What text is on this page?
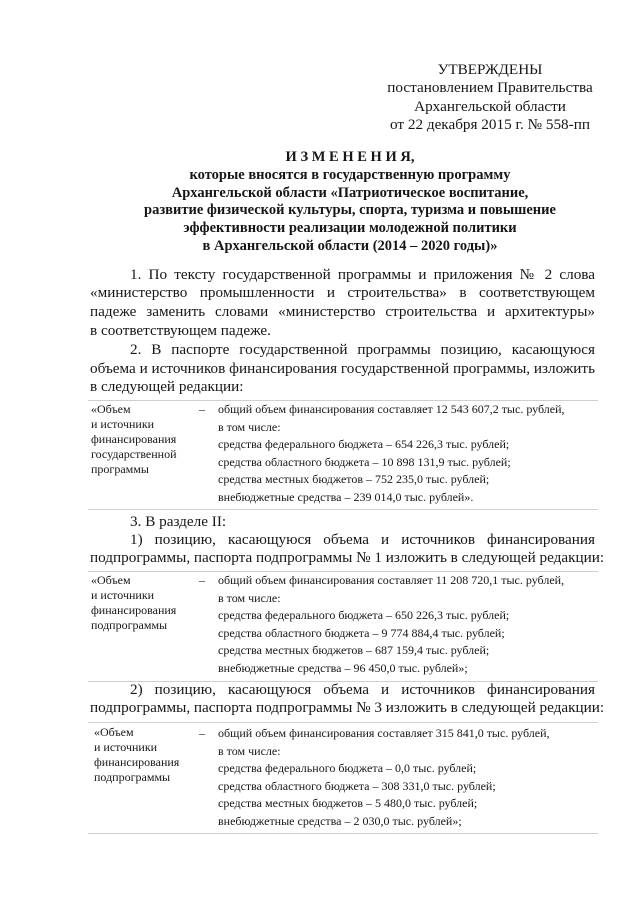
УТВЕРЖДЕНЫ
постановлением Правительства
Архангельской области
от 22 декабря 2015 г. № 558-пп
И З М Е Н Е Н И Я,
которые вносятся в государственную программу
Архангельской области «Патриотическое воспитание,
развитие физической культуры, спорта, туризма и повышение
эффективности реализации молодежной политики
в Архангельской области (2014 – 2020 годы)»
1. По тексту государственной программы и приложения № 2 слова
«министерство промышленности и строительства» в соответствующем
падеже заменить словами «министерство строительства и архитектуры»
в соответствующем падеже.
2. В паспорте государственной программы позицию, касающуюся
объема и источников финансирования государственной программы, изложить
в следующей редакции:
«Объем
и источники
финансирования
государственной
программы
– общий объем финансирования составляет 12 543 607,2 тыс. рублей,
в том числе:
средства федерального бюджета – 654 226,3 тыс. рублей;
средства областного бюджета – 10 898 131,9 тыс. рублей;
средства местных бюджетов – 752 235,0 тыс. рублей;
внебюджетные средства – 239 014,0 тыс. рублей».
3. В разделе II:
1) позицию, касающуюся объема и источников финансирования
подпрограммы, паспорта подпрограммы № 1 изложить в следующей редакции:
«Объем
и источники
финансирования
подпрограммы
– общий объем финансирования составляет 11 208 720,1 тыс. рублей,
в том числе:
средства федерального бюджета – 650 226,3 тыс. рублей;
средства областного бюджета – 9 774 884,4 тыс. рублей;
средства местных бюджетов – 687 159,4 тыс. рублей;
внебюджетные средства – 96 450,0 тыс. рублей»;
2) позицию, касающуюся объема и источников финансирования
подпрограммы, паспорта подпрограммы № 3 изложить в следующей редакции:
«Объем
и источники
финансирования
подпрограммы
– общий объем финансирования составляет 315 841,0 тыс. рублей,
в том числе:
средства федерального бюджета – 0,0 тыс. рублей;
средства областного бюджета – 308 331,0 тыс. рублей;
средства местных бюджетов – 5 480,0 тыс. рублей;
внебюджетные средства – 2 030,0 тыс. рублей»;
